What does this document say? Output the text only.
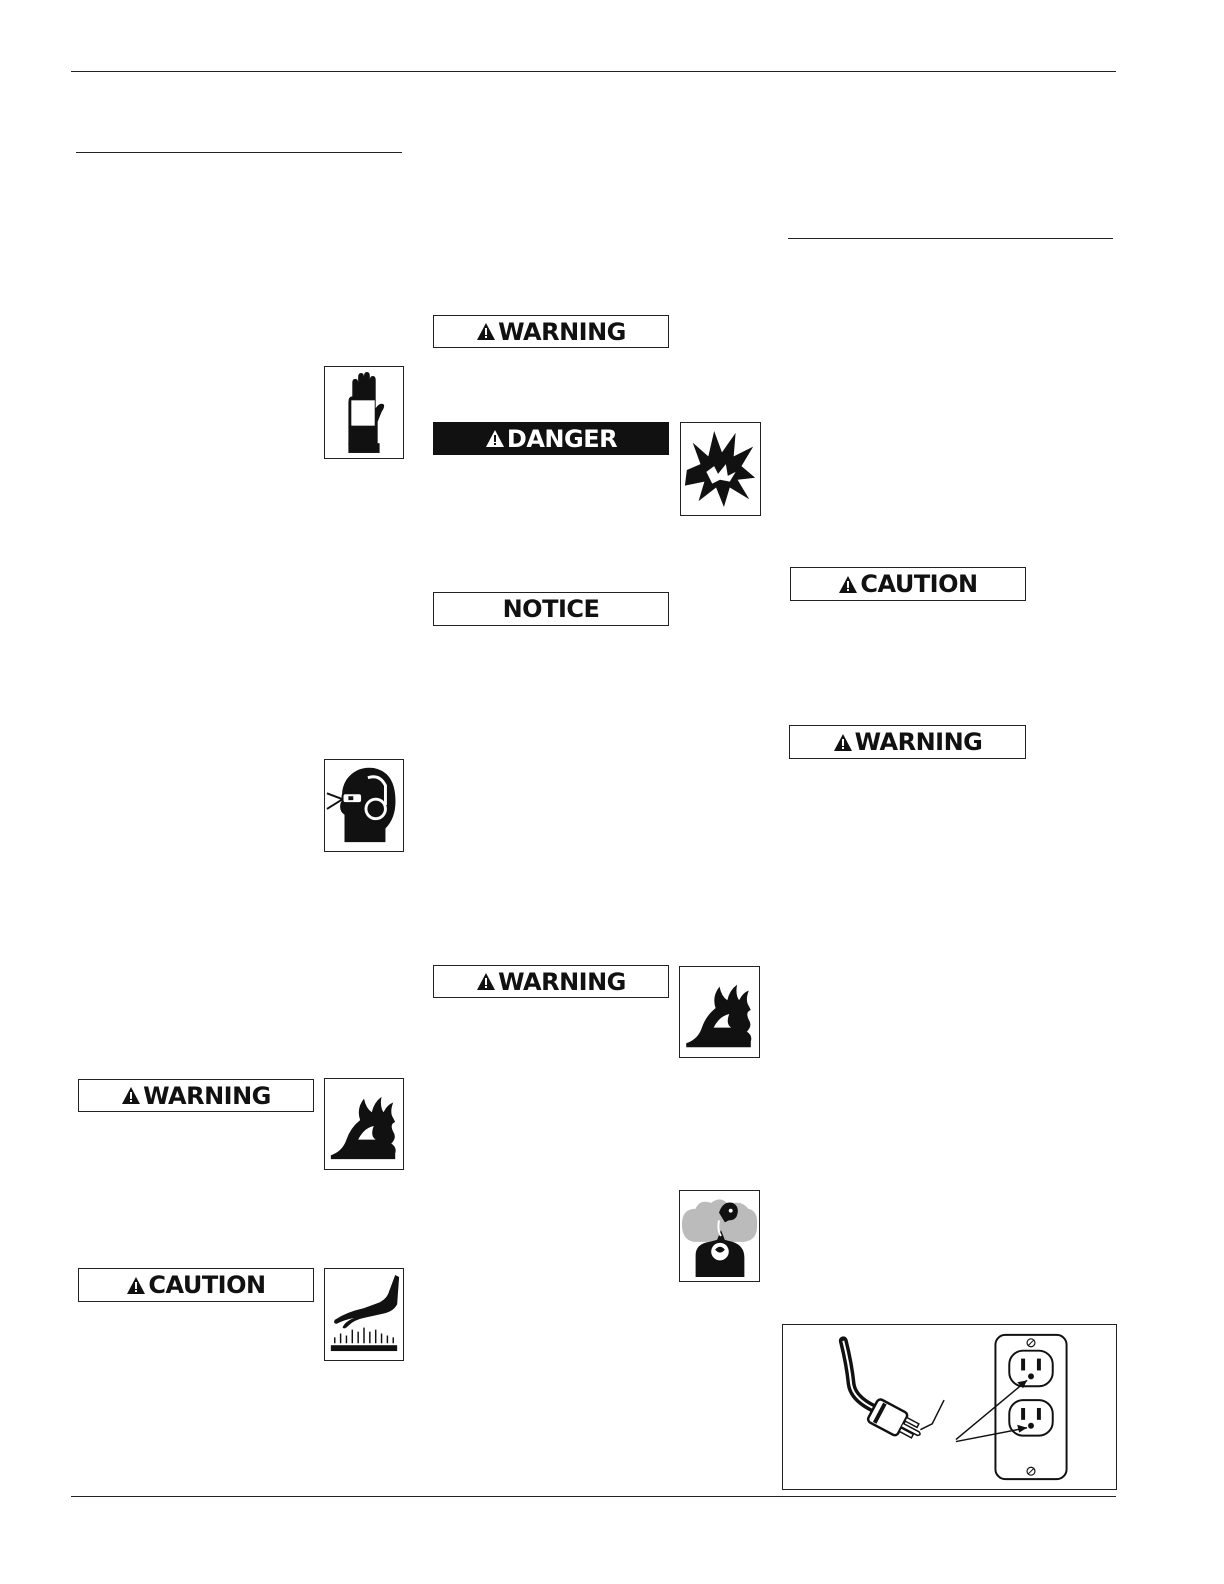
WARNING
CAUTION
WARNING
DANGER
NOTICE
WARNING
CAUTION
WARNING
